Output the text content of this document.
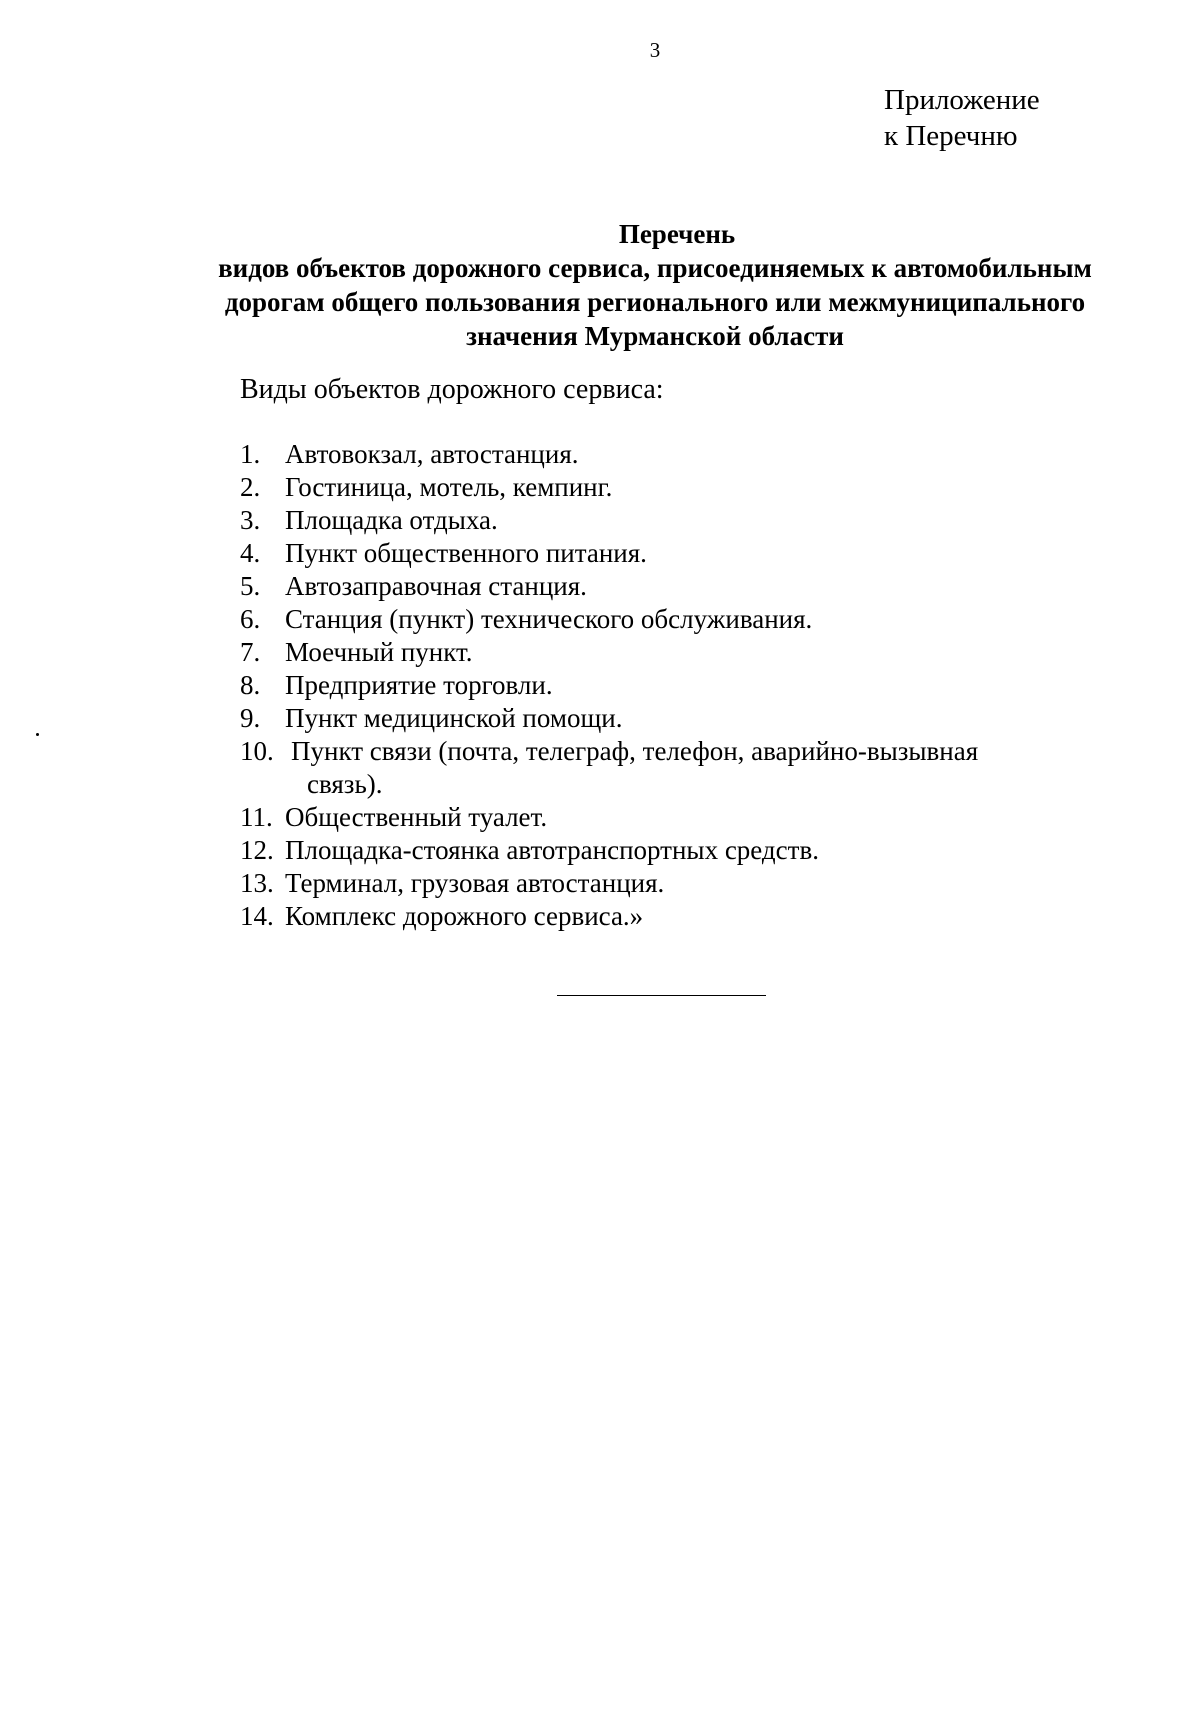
3
Приложение
к Перечню
Перечень
видов объектов дорожного сервиса, присоединяемых к автомобильным
дорогам общего пользования регионального или межмуниципального
значения Мурманской области
Виды объектов дорожного сервиса:
1. Автовокзал, автостанция.
2. Гостиница, мотель, кемпинг.
3. Площадка отдыха.
4. Пункт общественного питания.
5. Автозаправочная станция.
6. Станция (пункт) технического обслуживания.
7. Моечный пункт.
8. Предприятие торговли.
9. Пункт медицинской помощи.
10. Пункт связи (почта, телеграф, телефон, аварийно-вызывная
связь).
11. Общественный туалет.
12. Площадка-стоянка автотранспортных средств.
13. Терминал, грузовая автостанция.
14. Комплекс дорожного сервиса.»
